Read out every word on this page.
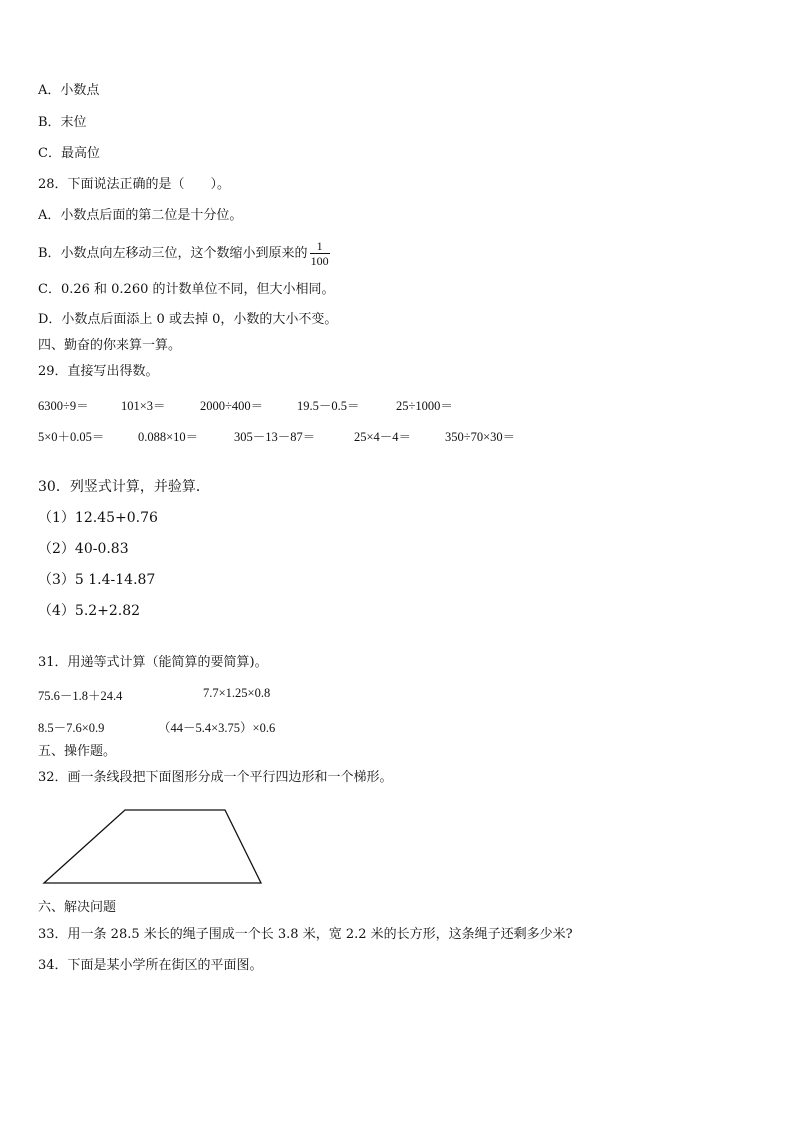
A．小数点
B．末位
C．最高位
28．下面说法正确的是（　　）。
A．小数点后面的第二位是十分位。
B．小数点向左移动三位，这个数缩小到原来的 $\frac{1}{100}$
C．0.26 和 0.260 的计数单位不同，但大小相同。
D．小数点后面添上 0 或去掉 0，小数的大小不变。
四、勤奋的你来算一算。
29．直接写出得数。
6300÷9＝	101×3＝	2000÷400＝	19.5－0.5＝	25÷1000＝
5×0＋0.05＝	0.088×10＝	305－13－87＝	25×4－4＝	350÷70×30＝
30．列竖式计算，并验算．
（1）12.45+0.76
（2）40-0.83
（3）5 1.4-14.87
（4）5.2+2.82
31．用递等式计算（能简算的要简算)。
75.6－1.8＋24.4	7.7×1.25×0.8
8.5－7.6×0.9	（44－5.4×3.75）×0.6
五、操作题。
32．画一条线段把下面图形分成一个平行四边形和一个梯形。
六、解决问题
33．用一条 28.5 米长的绳子围成一个长 3.8 米，宽 2.2 米的长方形，这条绳子还剩多少米?
34．下面是某小学所在街区的平面图。
